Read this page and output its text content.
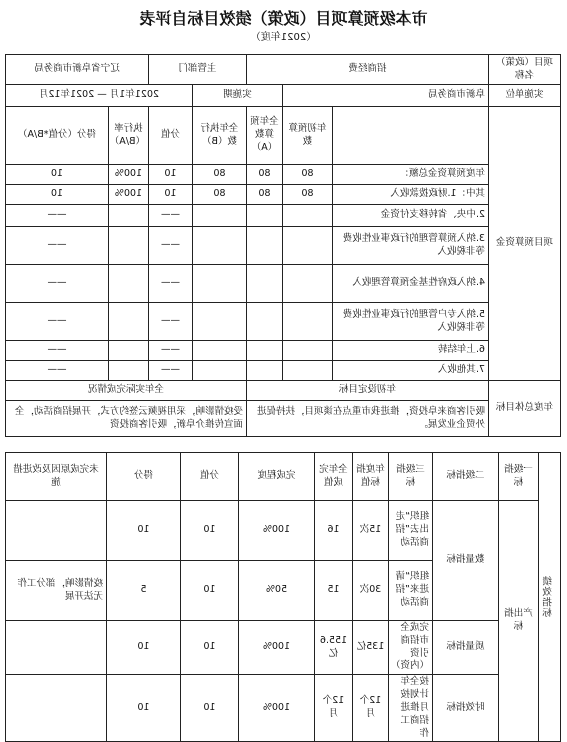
市本级预算项目（政策）绩效目标自评表
（2021年度）
项目（政策）名称	招商经费			主管部门		辽宁省阜新市商务局	
实施单位	阜新市商务局		实施期		2021年1月 — 2021年12月		
项目预算资金		年初预算数	全年预算数（A）	全年执行数（B）	分值	执行率（B/A）	得分（分值*B/A）
	年度预算资金总额：	80	80	80	10	100%	10
	其中：1.财政拨款收入	80	80	80	10	100%	10
	2.中央、省转移支付资金				——		——
	3.纳入预算管理的行政事业性收费等非税收入				——		——
	4.纳入政府性基金预算管理收入				——		——
	5.纳入专户管理的行政事业性收费等非税收入				——		——
	6.上年结转				——		——
	7.其他收入				——		——
年度总体目标	年初设定目标			全年实际完成情况			
	吸引客商来阜投资，推进我市重点在谈项目，扶持促进外贸企业发展。			受疫情影响，采用视频云签约方式，开展招商活动，全面宣传推介阜新，吸引客商投资			
绩效指标	一级指标	二级指标	三级指标	年度指标值	全年完成值	完成程度	分值	得分	未完成原因及改进措施
	产出指标	数量指标	组织“走出去”招商活动	15次	16	100%	10	10	
			组织“请进来”招商活动	30次	15	50%	10	5	疫情影响，部分工作无法开展
		质量指标	完成全市招商引资（内资）	135亿	155.6亿	100%	10	10	
		时效指标	按全年计划按月推进招商工作	12个月	12个月	100%	10	10	
